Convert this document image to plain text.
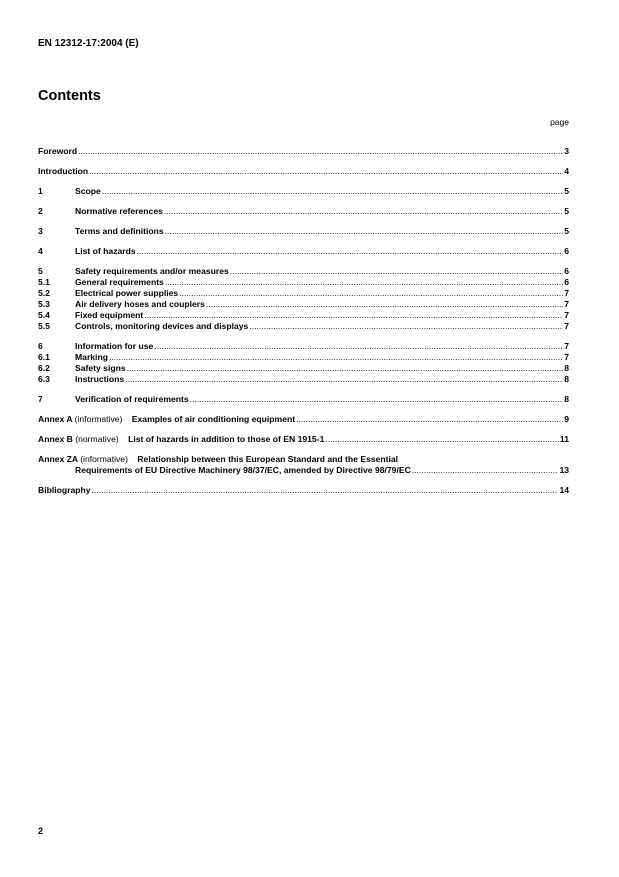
EN 12312-17:2004 (E)
Contents
page
Foreword .....	3
Introduction .....	4
1	Scope .....	5
2	Normative references .....	5
3	Terms and definitions .....	5
4	List of hazards .....	6
5	Safety requirements and/or measures .....	6
5.1	General requirements .....	6
5.2	Electrical power supplies .....	7
5.3	Air delivery hoses and couplers .....	7
5.4	Fixed equipment .....	7
5.5	Controls, monitoring devices and displays .....	7
6	Information for use .....	7
6.1	Marking .....	7
6.2	Safety signs .....	8
6.3	Instructions .....	8
7	Verification of requirements .....	8
Annex A (informative) Examples of air conditioning equipment .....	9
Annex B (normative) List of hazards in addition to those of EN 1915-1 .....	11
Annex ZA (informative) Relationship between this European Standard and the Essential
Requirements of EU Directive Machinery 98/37/EC, amended by Directive 98/79/EC .....	13
Bibliography .....	14
2
